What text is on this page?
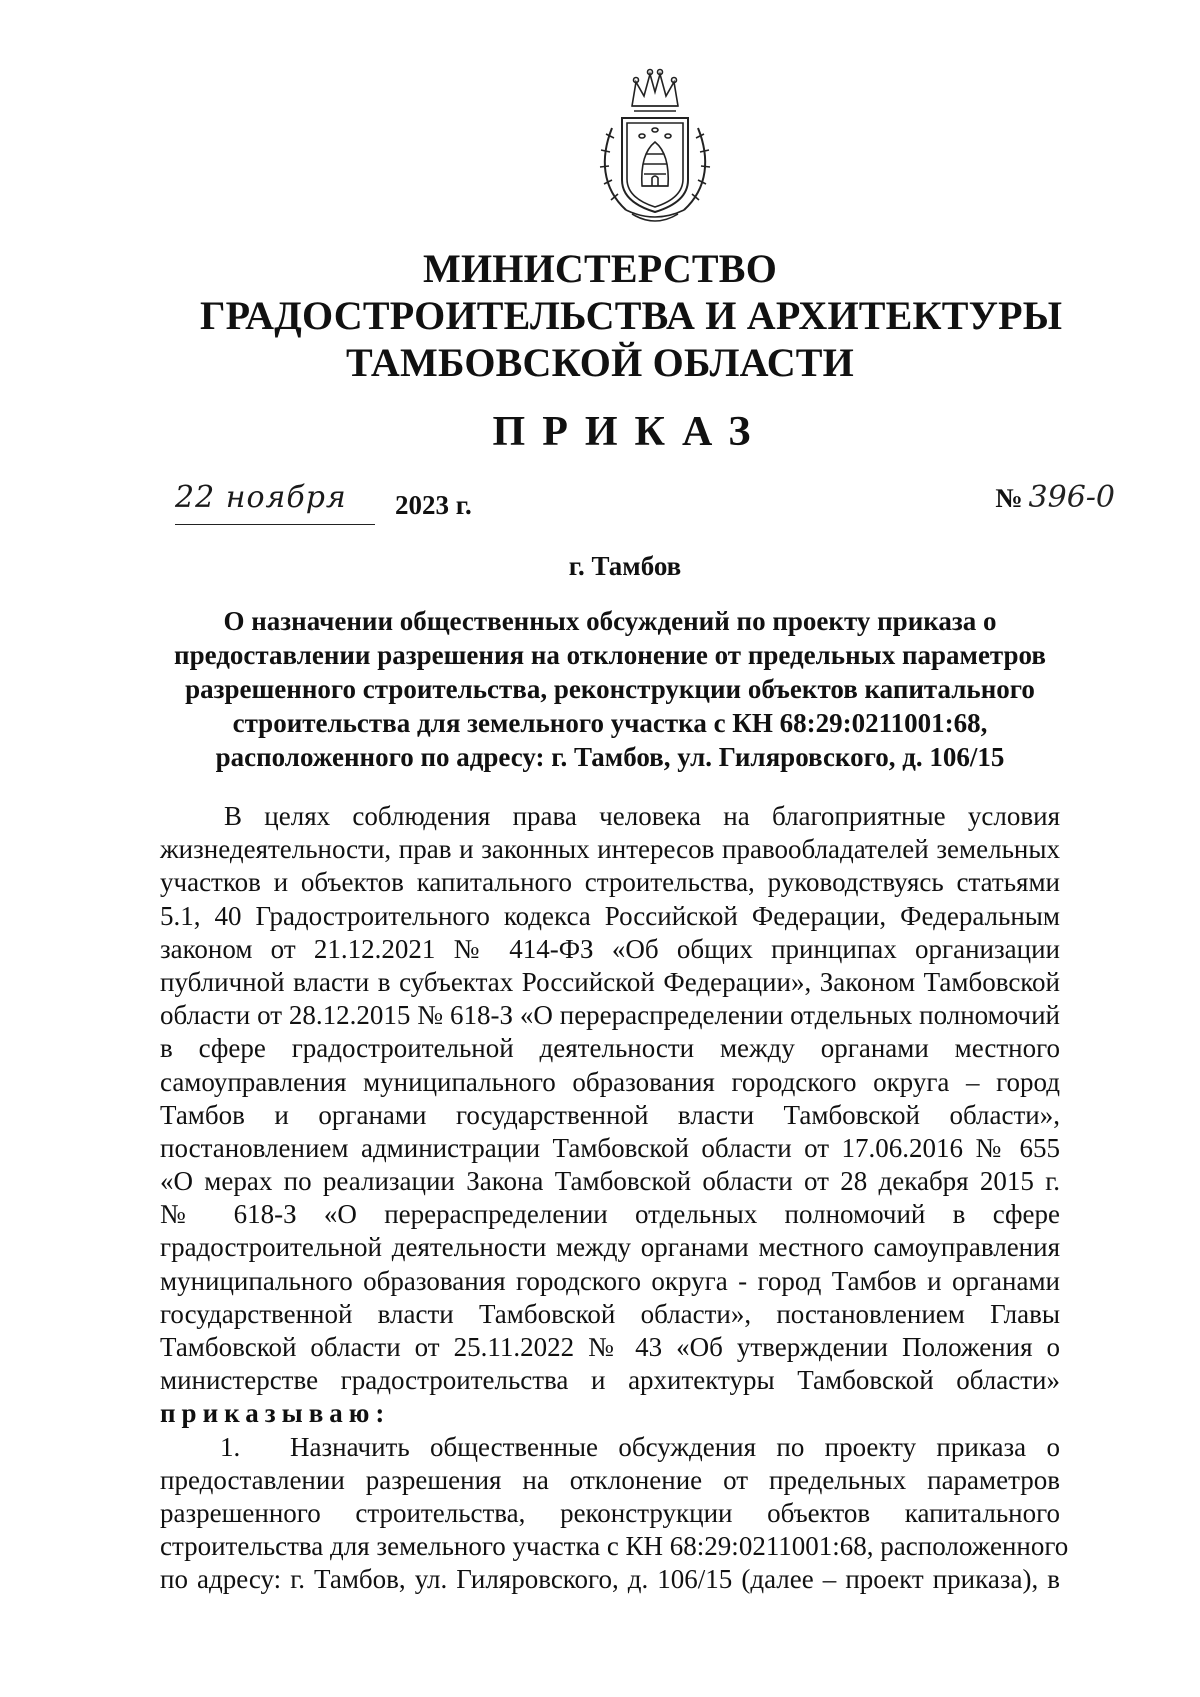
МИНИСТЕРСТВО
ГРАДОСТРОИТЕЛЬСТВА И АРХИТЕКТУРЫ
ТАМБОВСКОЙ ОБЛАСТИ
ПРИКАЗ
22 ноября	2023 г.	№ 396-0
г. Тамбов
О назначении общественных обсуждений по проекту приказа о
предоставлении разрешения на отклонение от предельных параметров
разрешенного строительства, реконструкции объектов капитального
строительства для земельного участка с КН 68:29:0211001:68,
расположенного по адресу: г. Тамбов, ул. Гиляровского, д. 106/15
В целях соблюдения права человека на благоприятные условия
жизнедеятельности, прав и законных интересов правообладателей земельных
участков и объектов капитального строительства, руководствуясь статьями
5.1, 40 Градостроительного кодекса Российской Федерации, Федеральным
законом от 21.12.2021 № 414-ФЗ «Об общих принципах организации
публичной власти в субъектах Российской Федерации», Законом Тамбовской
области от 28.12.2015 № 618-З «О перераспределении отдельных полномочий
в сфере градостроительной деятельности между органами местного
самоуправления муниципального образования городского округа – город
Тамбов и органами государственной власти Тамбовской области»,
постановлением администрации Тамбовской области от 17.06.2016 № 655
«О мерах по реализации Закона Тамбовской области от 28 декабря 2015 г.
№ 618-З «О перераспределении отдельных полномочий в сфере
градостроительной деятельности между органами местного самоуправления
муниципального образования городского округа - город Тамбов и органами
государственной власти Тамбовской области», постановлением Главы
Тамбовской области от 25.11.2022 № 43 «Об утверждении Положения о
министерстве градостроительства и архитектуры Тамбовской области»
приказываю:
1. Назначить общественные обсуждения по проекту приказа о
предоставлении разрешения на отклонение от предельных параметров
разрешенного строительства, реконструкции объектов капитального
строительства для земельного участка с КН 68:29:0211001:68, расположенного
по адресу: г. Тамбов, ул. Гиляровского, д. 106/15 (далее – проект приказа), в
